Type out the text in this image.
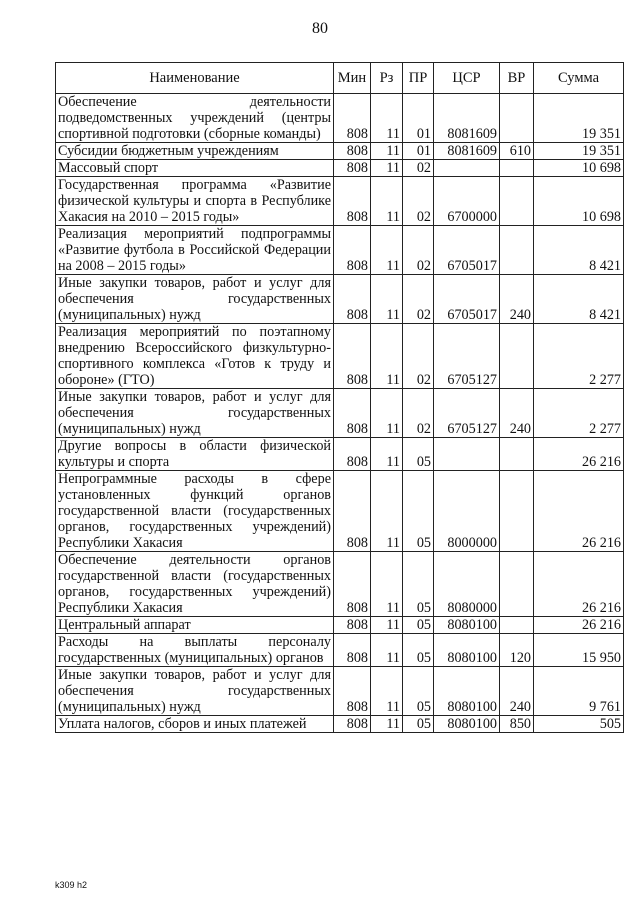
80
Наименование	Мин	Рз	ПР	ЦСР	ВР	Сумма
Обеспечение деятельности подведомственных учреждений (центры спортивной подготовки (сборные команды)	808	11	01	8081609		19 351
Субсидии бюджетным учреждениям	808	11	01	8081609	610	19 351
Массовый спорт	808	11	02			10 698
Государственная программа «Развитие физической культуры и спорта в Республике Хакасия на 2010 – 2015 годы»	808	11	02	6700000		10 698
Реализация мероприятий подпрограммы «Развитие футбола в Российской Федерации на 2008 – 2015 годы»	808	11	02	6705017		8 421
Иные закупки товаров, работ и услуг для обеспечения государственных (муниципальных) нужд	808	11	02	6705017	240	8 421
Реализация мероприятий по поэтапному внедрению Всероссийского физкультурно-спортивного комплекса «Готов к труду и обороне» (ГТО)	808	11	02	6705127		2 277
Иные закупки товаров, работ и услуг для обеспечения государственных (муниципальных) нужд	808	11	02	6705127	240	2 277
Другие вопросы в области физической культуры и спорта	808	11	05			26 216
Непрограммные расходы в сфере установленных функций органов государственной власти (государственных органов, государственных учреждений) Республики Хакасия	808	11	05	8000000		26 216
Обеспечение деятельности органов государственной власти (государственных органов, государственных учреждений) Республики Хакасия	808	11	05	8080000		26 216
Центральный аппарат	808	11	05	8080100		26 216
Расходы на выплаты персоналу государственных (муниципальных) органов	808	11	05	8080100	120	15 950
Иные закупки товаров, работ и услуг для обеспечения государственных (муниципальных) нужд	808	11	05	8080100	240	9 761
Уплата налогов, сборов и иных платежей	808	11	05	8080100	850	505
k309 h2
